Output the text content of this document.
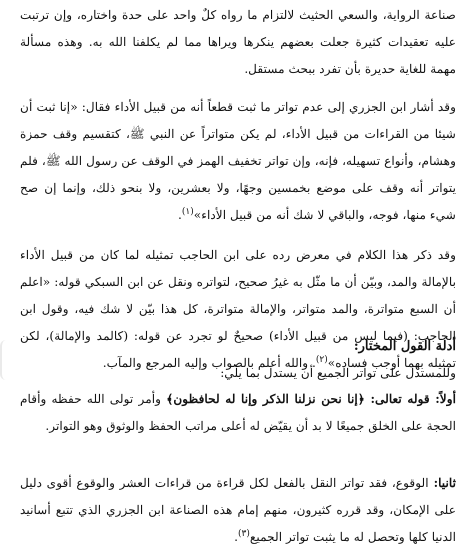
صناعة الرواية، والسعي الحثيث لالتزام ما رواه كلٌ واحد على حدة واختاره، وإن ترتبت عليه تعقيدات كثيرة جعلت بعضهم ينكرها ويراها مما لم يكلفنا الله به. وهذه مسألة مهمة للغاية حديرة بأن تفرد ببحث مستقل.
وقد أشار ابن الجزري إلى عدم تواتر ما ثبت قطعاً أنه من قبيل الأداء فقال: «إنا ثبت أن شيئا من القراءات من قبيل الأداء، لم يكن متواتراً عن النبي ﷺ، كتقسيم وقف حمزة وهشام، وأنواع تسهيله، فإنه، وإن تواتر تخفيف الهمز في الوقف عن رسول الله ﷺ، فلم يتواتر أنه وقف على موضع بخمسين وجهًا، ولا بعشرين، ولا بنحو ذلك، وإنما إن صح شيء منها، فوجه، والباقي لا شك أنه من قبيل الأداء»$^{(١)}$.
وقد ذكر هذا الكلام في معرض رده على ابن الحاجب تمثيله لما كان من قبيل الأداء بالإمالة والمد، وبيّن أن ما مثّل به غيرُ صحيح، لتواتره ونقل عن ابن السبكي قوله: «اعلم أن السبع متواترة، والمد متواتر، والإمالة متواترة، كل هذا بيّن لا شك فيه، وقول ابن الحاجب: (فيما ليس من قبيل الأداء) صحيحٌ لو تجرد عن قوله: (كالمد والإمالة)، لكن تمثيله بهما أوجب فساده»$^{(٢)}$. والله أعلم بالصواب وإليه المرجع والمآب.
أدلة القول المختار:
وللمستدل على تواتر الجميع أن يستدل بما يلي:
أولاً: قوله تعالى: ﴿إنا نحن نزلنا الذكر وإنا له لحافظون﴾ وأمر تولى الله حفظه وأقام الحجة على الخلق جميعًا لا بد أن يقيّض له أعلى مراتب الحفظ والوثوق وهو التواتر.
ثانيا: الوقوع، فقد تواتر النقل بالفعل لكل قراءة من قراءات العشر والوقوع أقوى دليل على الإمكان، وقد قرره كثيرون، منهم إمام هذه الصناعة ابن الجزري الذي تتبع أسانيد الدنيا كلها وتحصل له ما يثبت تواتر الجميع$^{(٣)}$.
